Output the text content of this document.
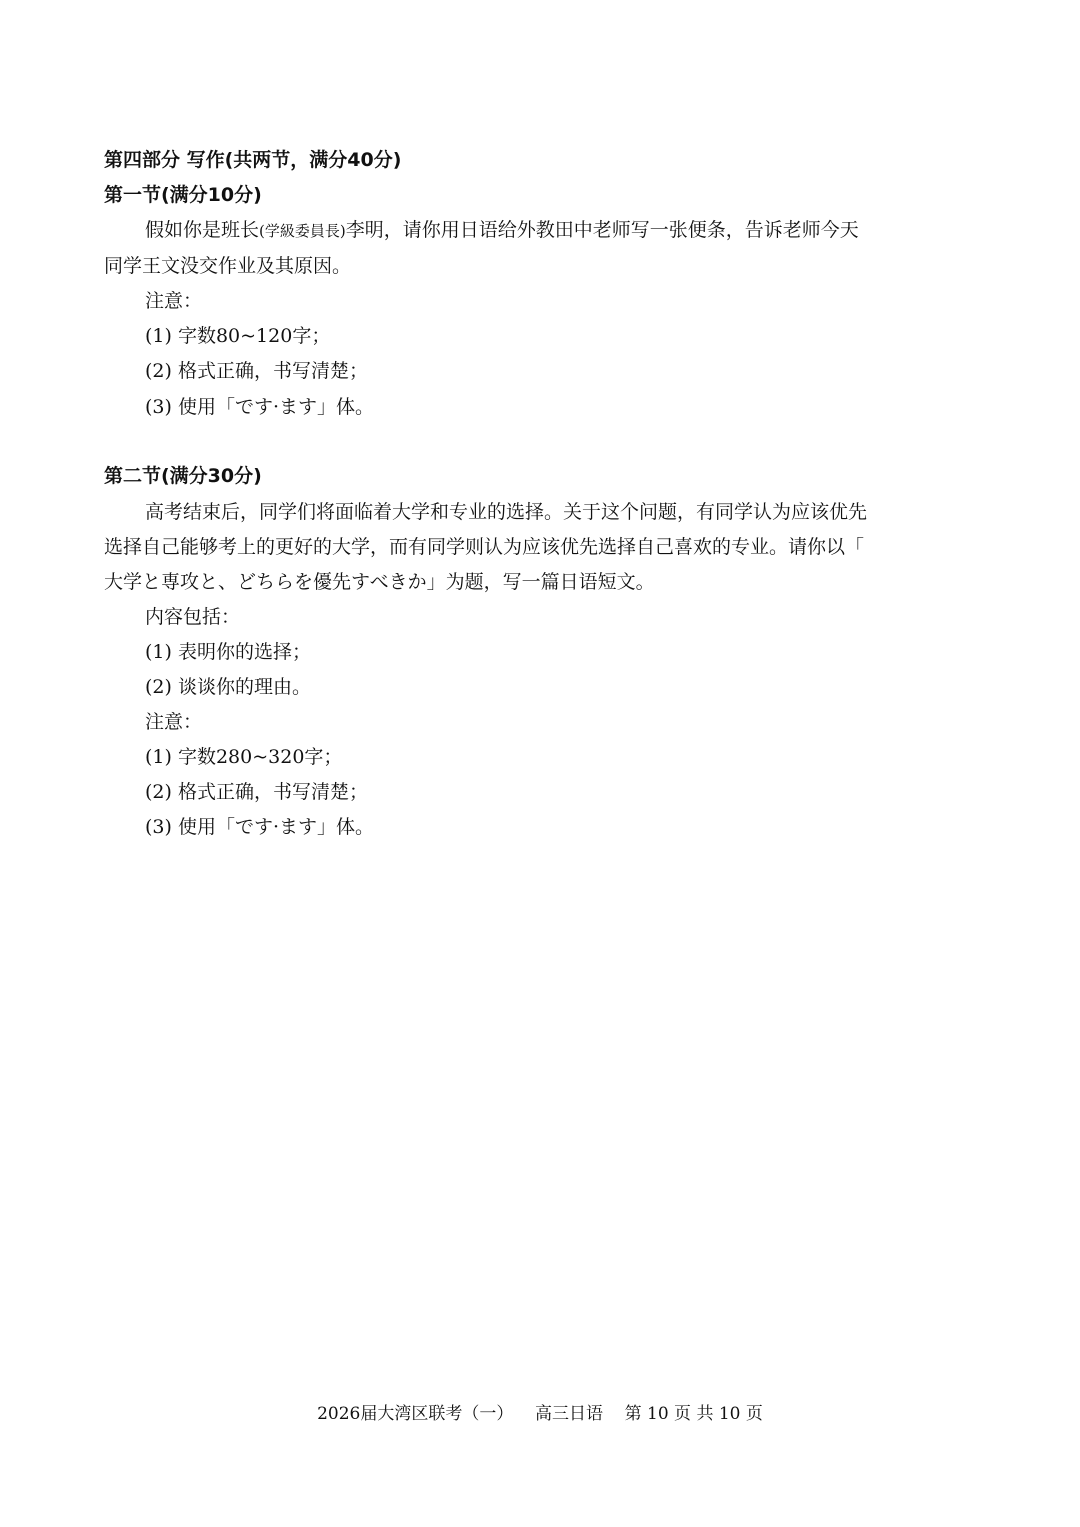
第四部分 写作(共两节，满分40分)
第一节(满分10分)
假如你是班长(学級委員長)李明，请你用日语给外教田中老师写一张便条，告诉老师今天
同学王文没交作业及其原因。
注意：
(1) 字数80~120字；
(2) 格式正确，书写清楚；
(3) 使用「です·ます」体。
第二节(满分30分)
高考结束后，同学们将面临着大学和专业的选择。关于这个问题，有同学认为应该优先
选择自己能够考上的更好的大学，而有同学则认为应该优先选择自己喜欢的专业。请你以「
大学と専攻と、どちらを優先すべきか」为题，写一篇日语短文。
内容包括：
(1) 表明你的选择；
(2) 谈谈你的理由。
注意：
(1) 字数280~320字；
(2) 格式正确，书写清楚；
(3) 使用「です·ます」体。
2026届大湾区联考（一） 高三日语 第 10 页 共 10 页
